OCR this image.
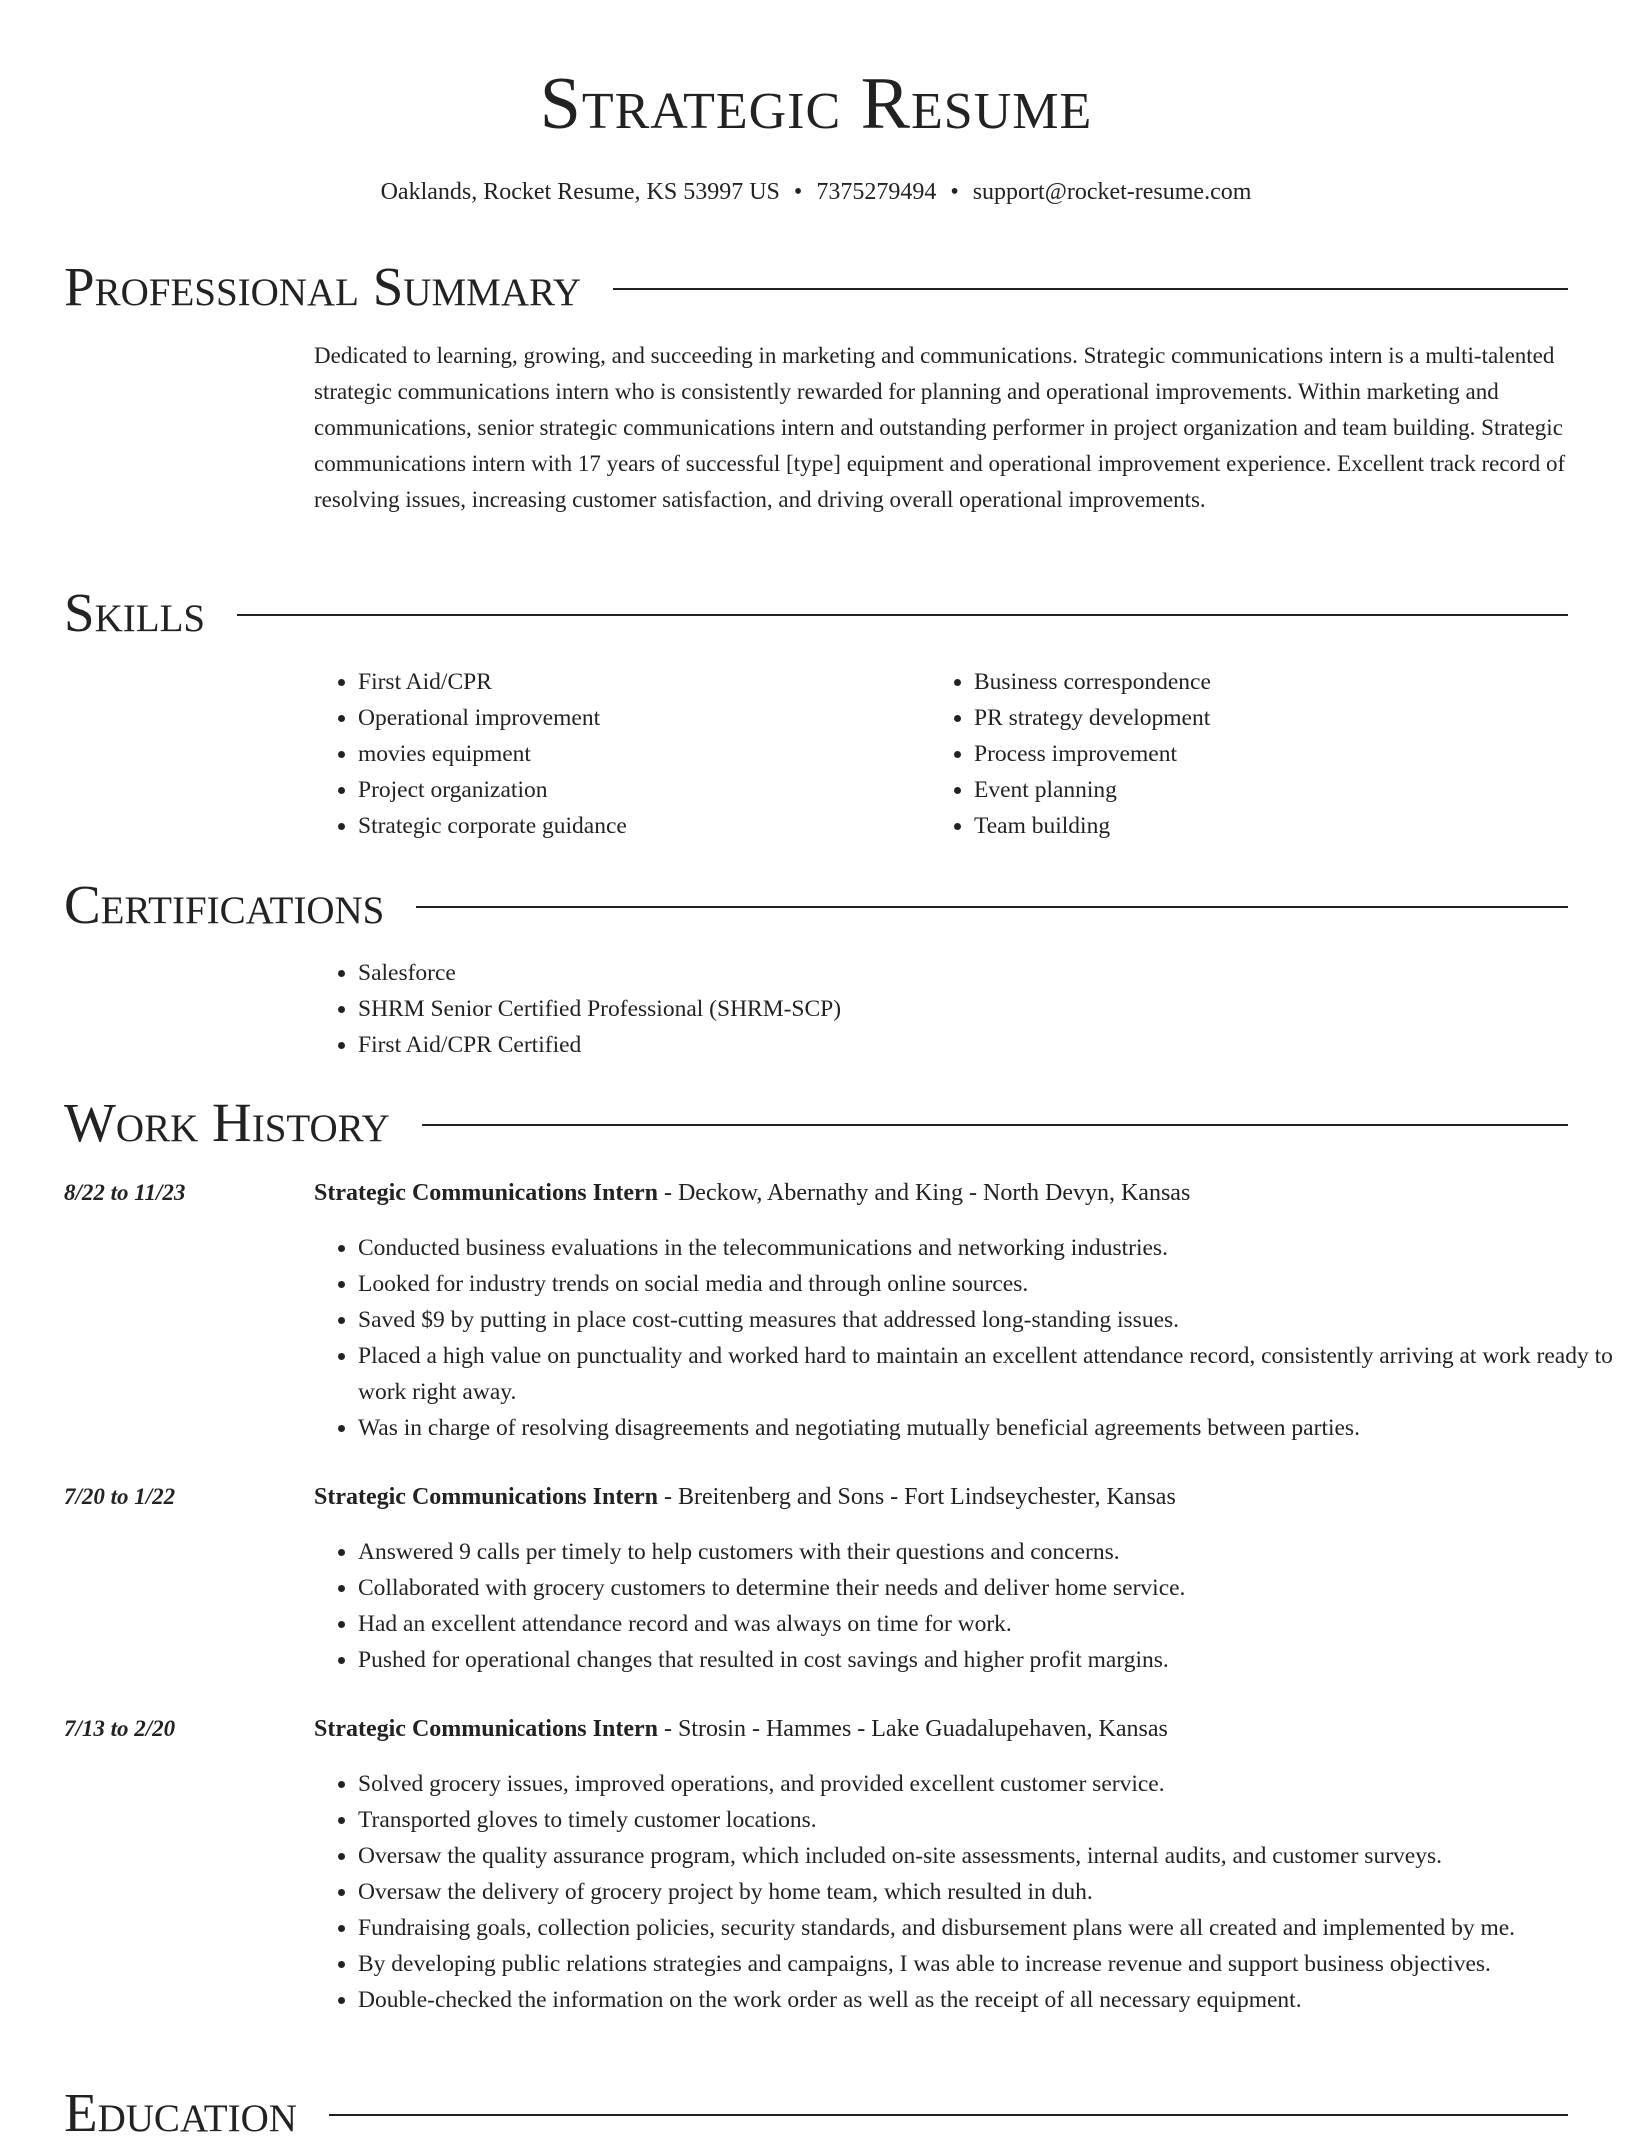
Strategic Resume
Oaklands, Rocket Resume, KS 53997 US • 7375279494 • support@rocket-resume.com
Professional Summary
Dedicated to learning, growing, and succeeding in marketing and communications. Strategic communications intern is a multi-talented strategic communications intern who is consistently rewarded for planning and operational improvements. Within marketing and communications, senior strategic communications intern and outstanding performer in project organization and team building. Strategic communications intern with 17 years of successful [type] equipment and operational improvement experience. Excellent track record of resolving issues, increasing customer satisfaction, and driving overall operational improvements.
Skills
• First Aid/CPR
• Operational improvement
• movies equipment
• Project organization
• Strategic corporate guidance
• Business correspondence
• PR strategy development
• Process improvement
• Event planning
• Team building
Certifications
• Salesforce
• SHRM Senior Certified Professional (SHRM-SCP)
• First Aid/CPR Certified
Work History
8/22 to 11/23	Strategic Communications Intern - Deckow, Abernathy and King - North Devyn, Kansas
• Conducted business evaluations in the telecommunications and networking industries.
• Looked for industry trends on social media and through online sources.
• Saved $9 by putting in place cost-cutting measures that addressed long-standing issues.
• Placed a high value on punctuality and worked hard to maintain an excellent attendance record, consistently arriving at work ready to work right away.
• Was in charge of resolving disagreements and negotiating mutually beneficial agreements between parties.
7/20 to 1/22	Strategic Communications Intern - Breitenberg and Sons - Fort Lindseychester, Kansas
• Answered 9 calls per timely to help customers with their questions and concerns.
• Collaborated with grocery customers to determine their needs and deliver home service.
• Had an excellent attendance record and was always on time for work.
• Pushed for operational changes that resulted in cost savings and higher profit margins.
7/13 to 2/20	Strategic Communications Intern - Strosin - Hammes - Lake Guadalupehaven, Kansas
• Solved grocery issues, improved operations, and provided excellent customer service.
• Transported gloves to timely customer locations.
• Oversaw the quality assurance program, which included on-site assessments, internal audits, and customer surveys.
• Oversaw the delivery of grocery project by home team, which resulted in duh.
• Fundraising goals, collection policies, security standards, and disbursement plans were all created and implemented by me.
• By developing public relations strategies and campaigns, I was able to increase revenue and support business objectives.
• Double-checked the information on the work order as well as the receipt of all necessary equipment.
Education
